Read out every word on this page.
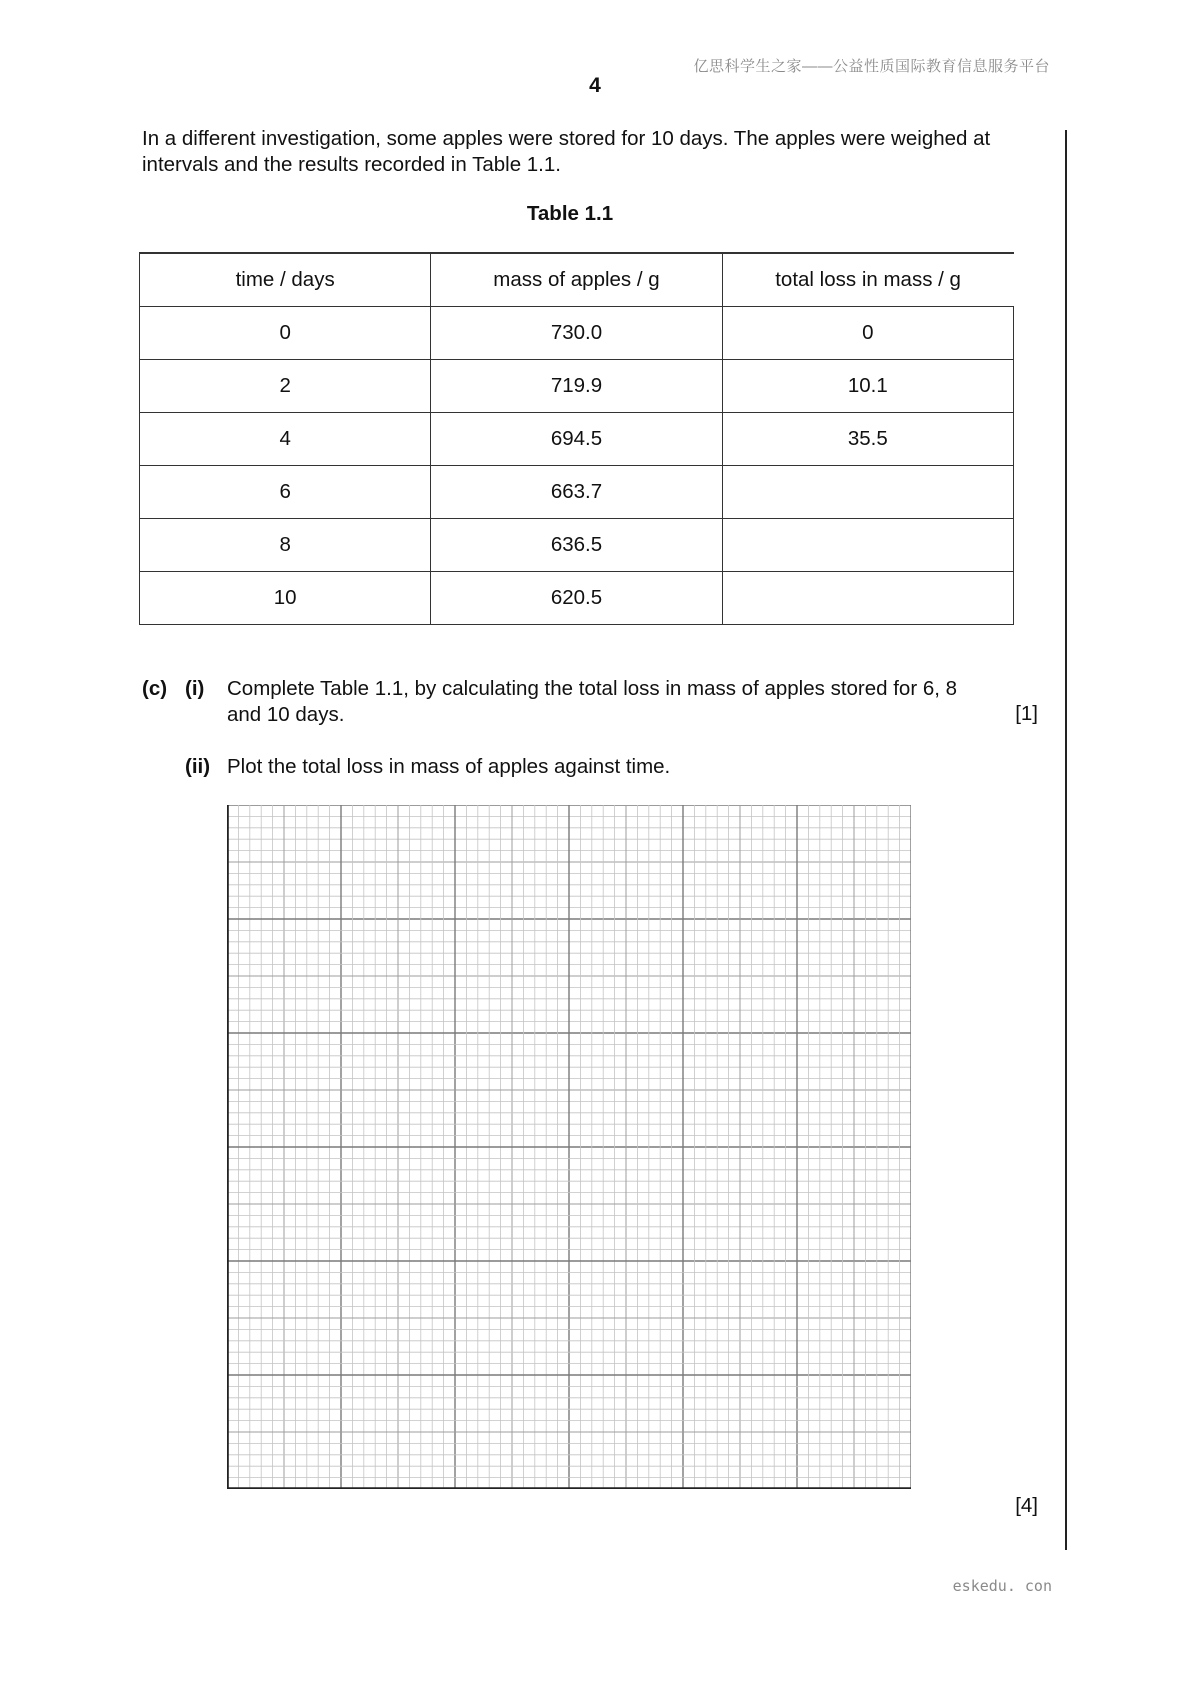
亿思科学生之家——公益性质国际教育信息服务平台
4
In a different investigation, some apples were stored for 10 days. The apples were weighed at intervals and the results recorded in Table 1.1.
Table 1.1
time / days	mass of apples / g	total loss in mass / g
0	730.0	0
2	719.9	10.1
4	694.5	35.5
6	663.7	
8	636.5	
10	620.5	
(c) (i) Complete Table 1.1, by calculating the total loss in mass of apples stored for 6, 8
and 10 days.	[1]
(ii) Plot the total loss in mass of apples against time.
[4]
eskedu. con
